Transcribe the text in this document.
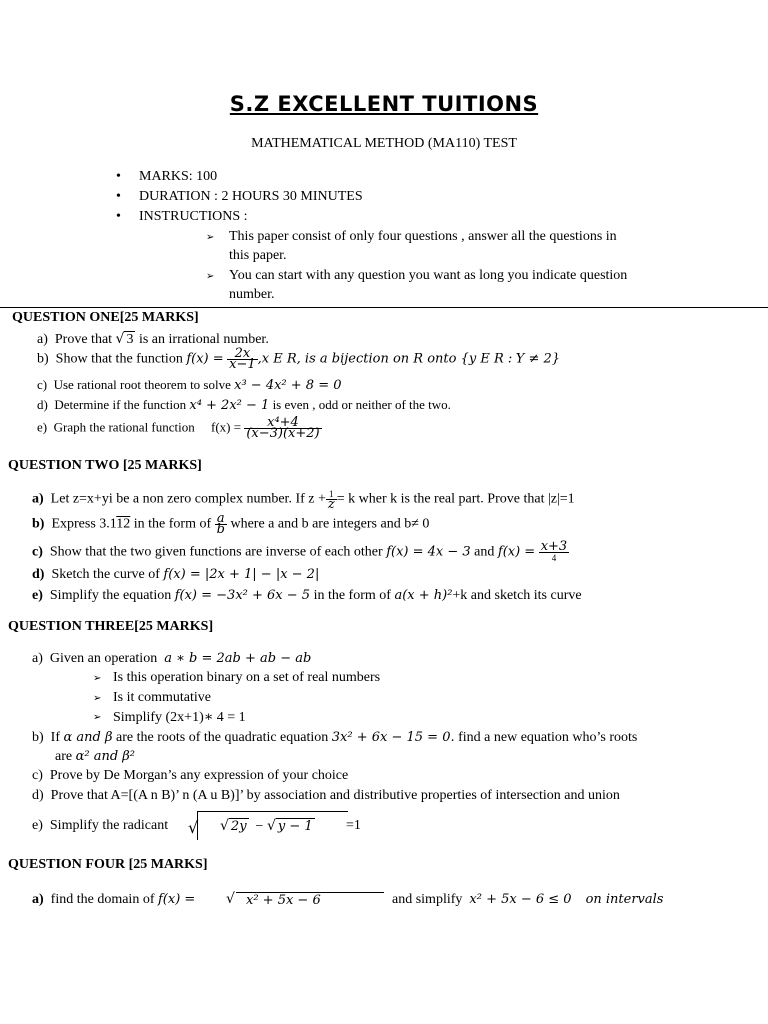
S.Z EXCELLENT TUITIONS
MATHEMATICAL METHOD (MA110) TEST
• MARKS: 100
• DURATION : 2 HOURS 30 MINUTES
• INSTRUCTIONS :
➢ This paper consist of only four questions , answer all the questions in
this paper.
➢ You can start with any question you want as long you indicate question
number.
QUESTION ONE[25 MARKS]
a) Prove that √ 3 is an irrational number.
b) Show that the function $f(x) = \frac{2x}{x-1} ,x$ E R, is a bijection on R onto {y E R : Y ≠ 2}
c) Use rational root theorem to solve x³ − 4x² + 8 = 0
d) Determine if the function x⁴ + 2x² − 1 is even , odd or neither of the two.
e) Graph the rational function $f(x) = \frac{\text{x⁴+4}}{(x-3)(x+2)}$
QUESTION TWO [25 MARKS]
a) Let z=x+yi be a non zero complex number. If $z + \frac{1}{z} = k$ wher k is the real part. Prove that |z|=1
b) Express 3.112 in the form of $\frac{a}{b}$ where a and b are integers and b≠ 0
c) Show that the two given functions are inverse of each other f(x) = 4x − 3 and $f(x) = \frac{x+3}{4}$
d) Sketch the curve of f(x) = |2x + 1| − |x − 2|
e) Simplify the equation f(x) = −3x² + 6x − 5 in the form of a(x + h)²+k and sketch its curve
QUESTION THREE[25 MARKS]
a) Given an operation a ∗ b = 2ab + ab − ab
➢ Is this operation binary on a set of real numbers
➢ Is it commutative
➢ Simplify (2x+1)∗ 4 = 1
b) If α and β are the roots of the quadratic equation 3x² + 6x − 15 = 0. find a new equation who’s roots
are α² and β²
c) Prove by De Morgan’s any expression of your choice
d) Prove that A=[(A n B)’ n (A u B)]’ by association and distributive properties of intersection and union
e) Simplify the radicant √ √ 2y − √ y − 1 =1
QUESTION FOUR [25 MARKS]
a) find the domain of f(x) = √ x² + 5x − 6	and simplify x² + 5x − 6 ≤ 0 on intervals
